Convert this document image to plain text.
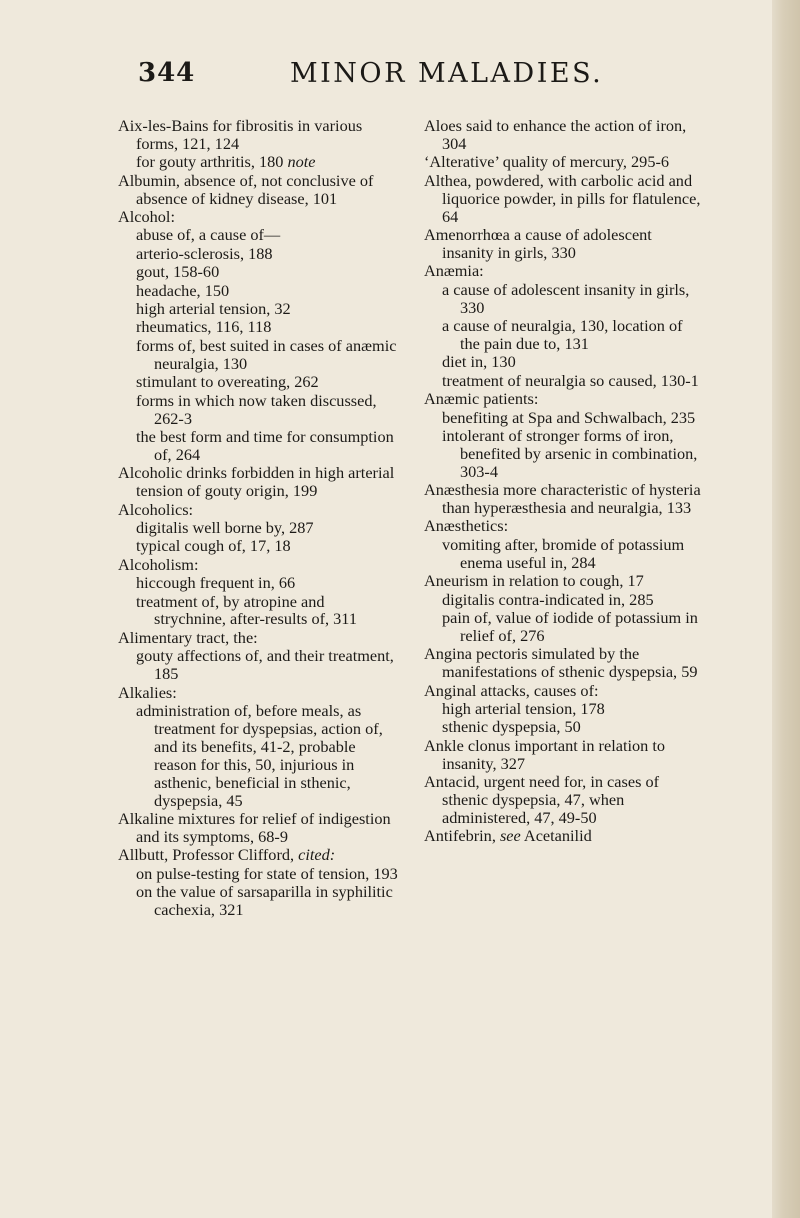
344	MINOR MALADIES.

Aix-les-Bains for fibrositis in various forms, 121, 124

for gouty arthritis, 180 note

Albumin, absence of, not conclusive of absence of kidney disease, 101

Alcohol:

abuse of, a cause of—

arterio-sclerosis, 188

gout, 158-60

headache, 150

high arterial tension, 32

rheumatics, 116, 118

forms of, best suited in cases of anæmic neuralgia, 130

stimulant to overeating, 262

forms in which now taken discussed, 262-3

the best form and time for consumption of, 264

Alcoholic drinks forbidden in high arterial tension of gouty origin, 199

Alcoholics:

digitalis well borne by, 287

typical cough of, 17, 18

Alcoholism:

hiccough frequent in, 66

treatment of, by atropine and strychnine, after-results of, 311

Alimentary tract, the:

gouty affections of, and their treatment, 185

Alkalies:

administration of, before meals, as treatment for dyspepsias, action of, and its benefits, 41-2, probable reason for this, 50, injurious in asthenic, beneficial in sthenic, dyspepsia, 45

Alkaline mixtures for relief of indigestion and its symptoms, 68-9

Allbutt, Professor Clifford, cited:

on pulse-testing for state of tension, 193

on the value of sarsaparilla in syphilitic cachexia, 321

Aloes said to enhance the action of iron, 304

‘Alterative’ quality of mercury, 295-6

Althea, powdered, with carbolic acid and liquorice powder, in pills for flatulence, 64

Amenorrhœa a cause of adolescent insanity in girls, 330

Anæmia:

a cause of adolescent insanity in girls, 330

a cause of neuralgia, 130, location of the pain due to, 131

diet in, 130

treatment of neuralgia so caused, 130-1

Anæmic patients:

benefiting at Spa and Schwalbach, 235

intolerant of stronger forms of iron, benefited by arsenic in combination, 303-4

Anæsthesia more characteristic of hysteria than hyperæsthesia and neuralgia, 133

Anæsthetics:

vomiting after, bromide of potassium enema useful in, 284

Aneurism in relation to cough, 17

digitalis contra-indicated in, 285

pain of, value of iodide of potassium in relief of, 276

Angina pectoris simulated by the manifestations of sthenic dyspepsia, 59

Anginal attacks, causes of:

high arterial tension, 178

sthenic dyspepsia, 50

Ankle clonus important in relation to insanity, 327

Antacid, urgent need for, in cases of sthenic dyspepsia, 47, when administered, 47, 49-50

Antifebrin, see Acetanilid
